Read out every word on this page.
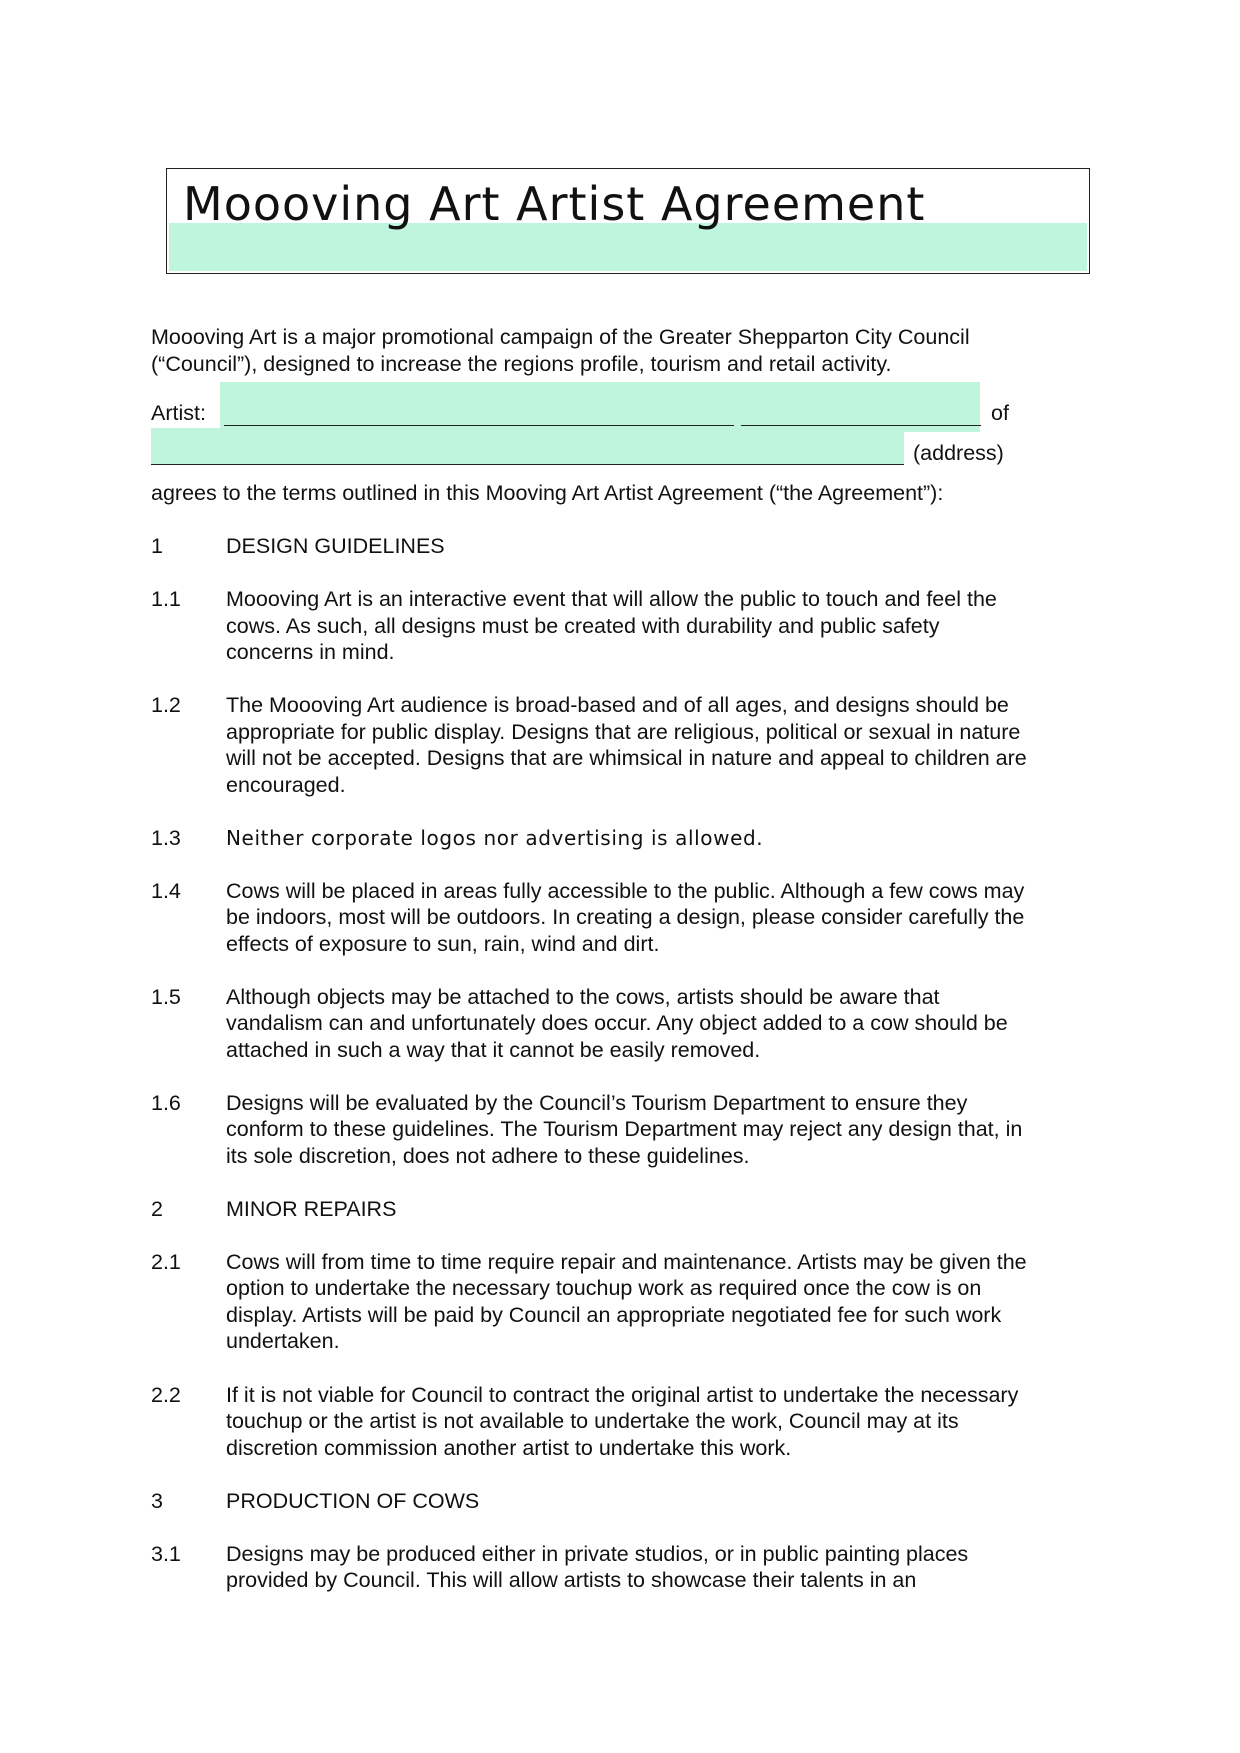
Moooving Art Artist Agreement
Moooving Art is a major promotional campaign of the Greater Shepparton City Council
(“Council”), designed to increase the regions profile, tourism and retail activity.
Artist:	of
(address)
agrees to the terms outlined in this Mooving Art Artist Agreement (“the Agreement”):
1	DESIGN GUIDELINES
1.1 Moooving Art is an interactive event that will allow the public to touch and feel the
cows. As such, all designs must be created with durability and public safety
concerns in mind.
1.2 The Moooving Art audience is broad-based and of all ages, and designs should be
appropriate for public display. Designs that are religious, political or sexual in nature
will not be accepted. Designs that are whimsical in nature and appeal to children are
encouraged.
1.3 Neither corporate logos nor advertising is allowed.
1.4 Cows will be placed in areas fully accessible to the public. Although a few cows may
be indoors, most will be outdoors. In creating a design, please consider carefully the
effects of exposure to sun, rain, wind and dirt.
1.5 Although objects may be attached to the cows, artists should be aware that
vandalism can and unfortunately does occur. Any object added to a cow should be
attached in such a way that it cannot be easily removed.
1.6 Designs will be evaluated by the Council’s Tourism Department to ensure they
conform to these guidelines. The Tourism Department may reject any design that, in
its sole discretion, does not adhere to these guidelines.
2	MINOR REPAIRS
2.1 Cows will from time to time require repair and maintenance. Artists may be given the
option to undertake the necessary touchup work as required once the cow is on
display. Artists will be paid by Council an appropriate negotiated fee for such work
undertaken.
2.2 If it is not viable for Council to contract the original artist to undertake the necessary
touchup or the artist is not available to undertake the work, Council may at its
discretion commission another artist to undertake this work.
3	PRODUCTION OF COWS
3.1 Designs may be produced either in private studios, or in public painting places
provided by Council. This will allow artists to showcase their talents in an
